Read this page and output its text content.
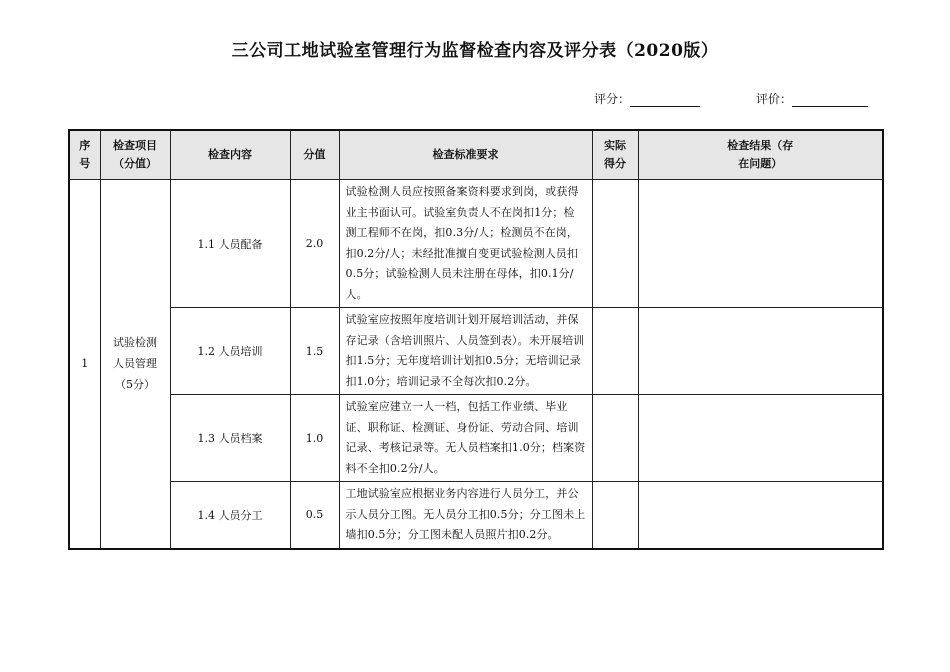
三公司工地试验室管理行为监督检查内容及评分表（2020版）
评分：	评价：
序号	检查项目（分值）	检查内容	分值	检查标准要求	实际得分	检查结果（存在问题）
1	试验检测人员管理（5分）	1.1 人员配备	2.0	试验检测人员应按照备案资料要求到岗，或获得业主书面认可。试验室负责人不在岗扣1分；检测工程师不在岗，扣0.3分/人；检测员不在岗，扣0.2分/人；未经批准擅自变更试验检测人员扣0.5分；试验检测人员未注册在母体，扣0.1分/人。		
		1.2 人员培训	1.5	试验室应按照年度培训计划开展培训活动，并保存记录（含培训照片、人员签到表）。未开展培训扣1.5分；无年度培训计划扣0.5分；无培训记录扣1.0分；培训记录不全每次扣0.2分。		
		1.3 人员档案	1.0	试验室应建立一人一档，包括工作业绩、毕业证、职称证、检测证、身份证、劳动合同、培训记录、考核记录等。无人员档案扣1.0分；档案资料不全扣0.2分/人。		
		1.4 人员分工	0.5	工地试验室应根据业务内容进行人员分工，并公示人员分工图。无人员分工扣0.5分；分工图未上墙扣0.5分；分工图未配人员照片扣0.2分。		
